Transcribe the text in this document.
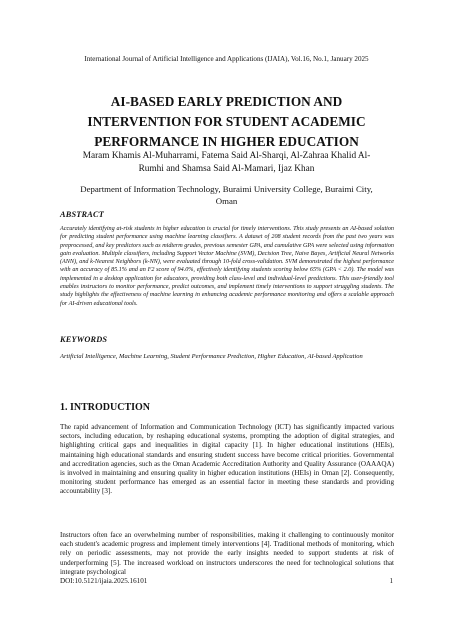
International Journal of Artificial Intelligence and Applications (IJAIA), Vol.16, No.1, January 2025
AI-BASED EARLY PREDICTION AND
INTERVENTION FOR STUDENT ACADEMIC
PERFORMANCE IN HIGHER EDUCATION
Maram Khamis Al-Muharrami, Fatema Said Al-Sharqi, Al-Zahraa Khalid Al-
Rumhi and Shamsa Said Al-Mamari, Ijaz Khan
Department of Information Technology, Buraimi University College, Buraimi City,
Oman
ABSTRACT
Accurately identifying at-risk students in higher education is crucial for timely interventions. This study presents an AI-based solution for predicting student performance using machine learning classifiers. A dataset of 208 student records from the past two years was preprocessed, and key predictors such as midterm grades, previous semester GPA, and cumulative GPA were selected using information gain evaluation. Multiple classifiers, including Support Vector Machine (SVM), Decision Tree, Naive Bayes, Artificial Neural Networks (ANN), and k-Nearest Neighbors (k-NN), were evaluated through 10-fold cross-validation. SVM demonstrated the highest performance with an accuracy of 85.1% and an F2 score of 94.0%, effectively identifying students scoring below 65% (GPA < 2.0). The model was implemented in a desktop application for educators, providing both class-level and individual-level predictions. This user-friendly tool enables instructors to monitor performance, predict outcomes, and implement timely interventions to support struggling students. The study highlights the effectiveness of machine learning in enhancing academic performance monitoring and offers a scalable approach for AI-driven educational tools.
KEYWORDS
Artificial Intelligence, Machine Learning, Student Performance Prediction, Higher Education, AI-based Application
1. INTRODUCTION
The rapid advancement of Information and Communication Technology (ICT) has significantly impacted various sectors, including education, by reshaping educational systems, prompting the adoption of digital strategies, and highlighting critical gaps and inequalities in digital capacity [1]. In higher educational institutions (HEIs), maintaining high educational standards and ensuring student success have become critical priorities. Governmental and accreditation agencies, such as the Oman Academic Accreditation Authority and Quality Assurance (OAAAQA) is involved in maintaining and ensuring quality in higher education institutions (HEIs) in Oman [2]. Consequently, monitoring student performance has emerged as an essential factor in meeting these standards and providing accountability [3].
Instructors often face an overwhelming number of responsibilities, making it challenging to continuously monitor each student's academic progress and implement timely interventions [4]. Traditional methods of monitoring, which rely on periodic assessments, may not provide the early insights needed to support students at risk of underperforming [5]. The increased workload on instructors underscores the need for technological solutions that integrate psychological
DOI:10.5121/ijaia.2025.16101	1
